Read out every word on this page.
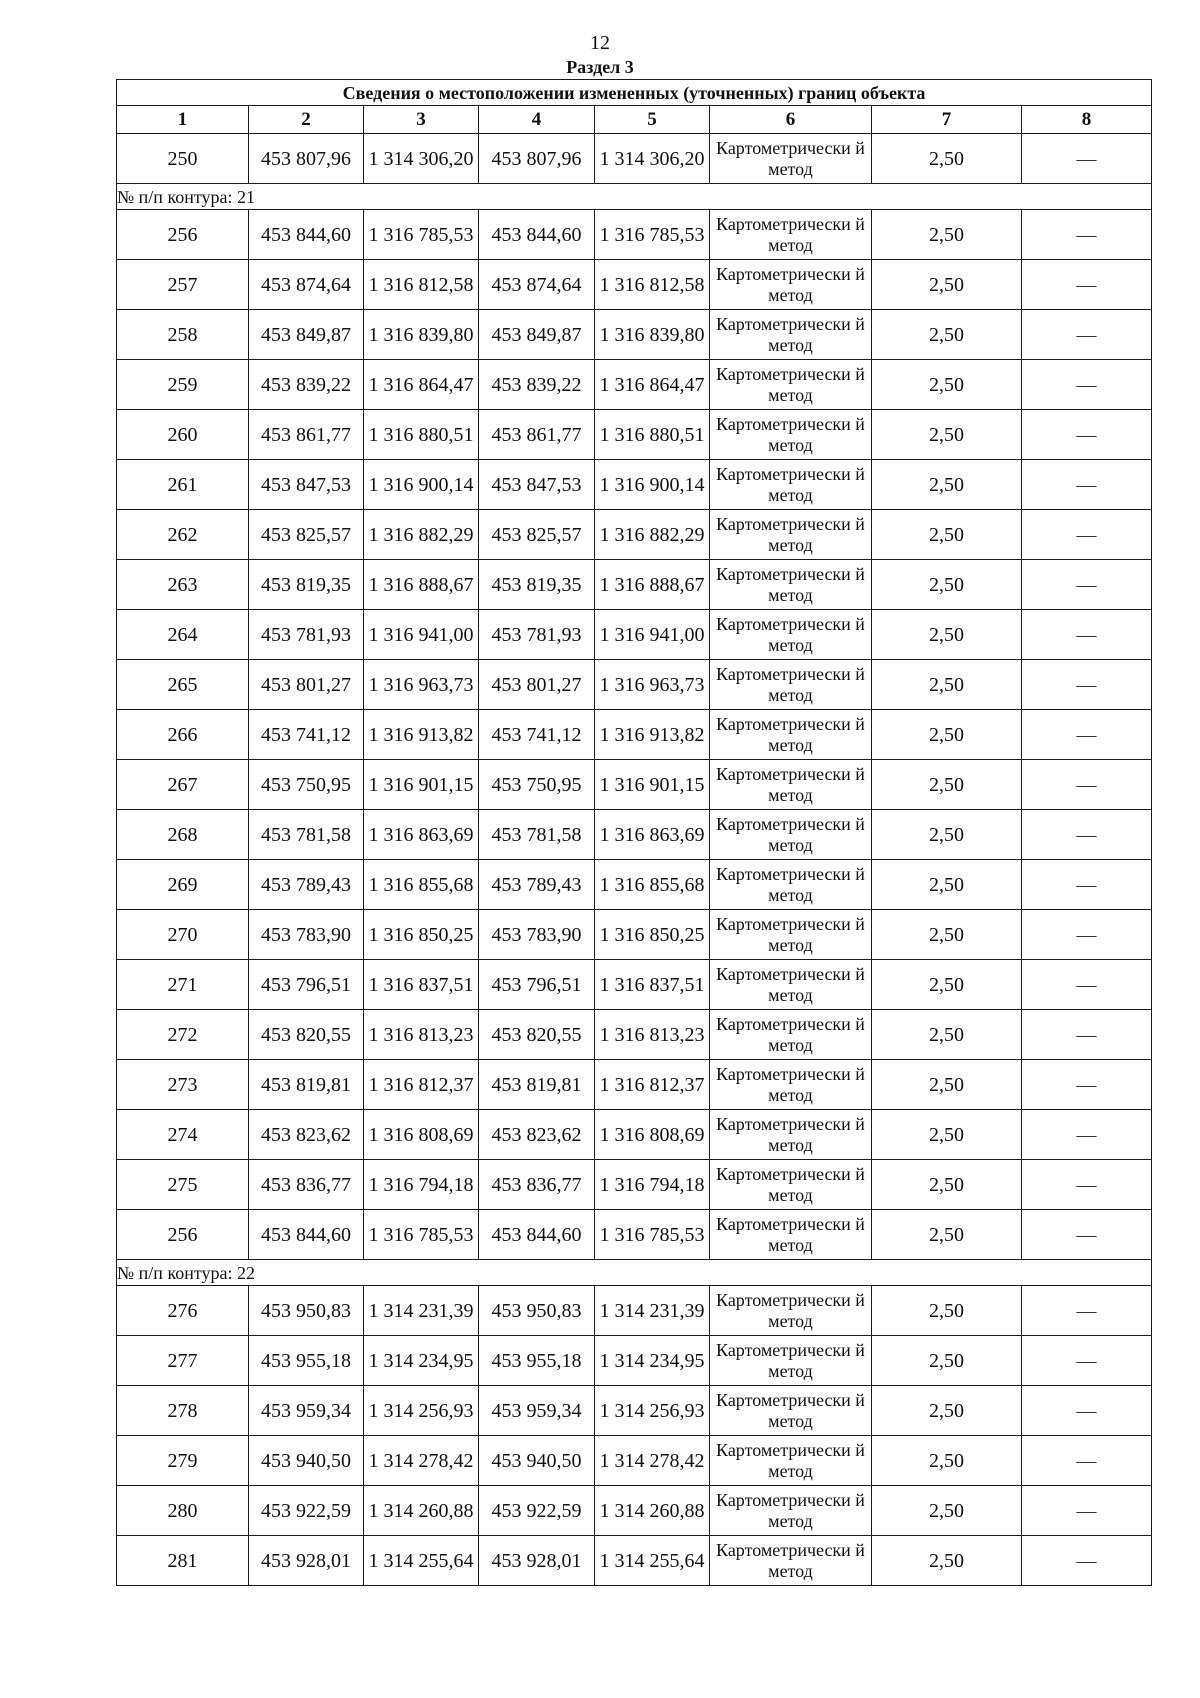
12
Раздел 3
Сведения о местоположении измененных (уточненных) границ объекта							
1	2	3	4	5	6	7	8
250	453 807,96	1 314 306,20	453 807,96	1 314 306,20	Картометрически й метод	2,50	—
№ п/п контура: 21							
256	453 844,60	1 316 785,53	453 844,60	1 316 785,53	Картометрически й метод	2,50	—
257	453 874,64	1 316 812,58	453 874,64	1 316 812,58	Картометрически й метод	2,50	—
258	453 849,87	1 316 839,80	453 849,87	1 316 839,80	Картометрически й метод	2,50	—
259	453 839,22	1 316 864,47	453 839,22	1 316 864,47	Картометрически й метод	2,50	—
260	453 861,77	1 316 880,51	453 861,77	1 316 880,51	Картометрически й метод	2,50	—
261	453 847,53	1 316 900,14	453 847,53	1 316 900,14	Картометрически й метод	2,50	—
262	453 825,57	1 316 882,29	453 825,57	1 316 882,29	Картометрически й метод	2,50	—
263	453 819,35	1 316 888,67	453 819,35	1 316 888,67	Картометрически й метод	2,50	—
264	453 781,93	1 316 941,00	453 781,93	1 316 941,00	Картометрически й метод	2,50	—
265	453 801,27	1 316 963,73	453 801,27	1 316 963,73	Картометрически й метод	2,50	—
266	453 741,12	1 316 913,82	453 741,12	1 316 913,82	Картометрически й метод	2,50	—
267	453 750,95	1 316 901,15	453 750,95	1 316 901,15	Картометрически й метод	2,50	—
268	453 781,58	1 316 863,69	453 781,58	1 316 863,69	Картометрически й метод	2,50	—
269	453 789,43	1 316 855,68	453 789,43	1 316 855,68	Картометрически й метод	2,50	—
270	453 783,90	1 316 850,25	453 783,90	1 316 850,25	Картометрически й метод	2,50	—
271	453 796,51	1 316 837,51	453 796,51	1 316 837,51	Картометрически й метод	2,50	—
272	453 820,55	1 316 813,23	453 820,55	1 316 813,23	Картометрически й метод	2,50	—
273	453 819,81	1 316 812,37	453 819,81	1 316 812,37	Картометрически й метод	2,50	—
274	453 823,62	1 316 808,69	453 823,62	1 316 808,69	Картометрически й метод	2,50	—
275	453 836,77	1 316 794,18	453 836,77	1 316 794,18	Картометрически й метод	2,50	—
256	453 844,60	1 316 785,53	453 844,60	1 316 785,53	Картометрически й метод	2,50	—
№ п/п контура: 22							
276	453 950,83	1 314 231,39	453 950,83	1 314 231,39	Картометрически й метод	2,50	—
277	453 955,18	1 314 234,95	453 955,18	1 314 234,95	Картометрически й метод	2,50	—
278	453 959,34	1 314 256,93	453 959,34	1 314 256,93	Картометрически й метод	2,50	—
279	453 940,50	1 314 278,42	453 940,50	1 314 278,42	Картометрически й метод	2,50	—
280	453 922,59	1 314 260,88	453 922,59	1 314 260,88	Картометрически й метод	2,50	—
281	453 928,01	1 314 255,64	453 928,01	1 314 255,64	Картометрически й метод	2,50	—
